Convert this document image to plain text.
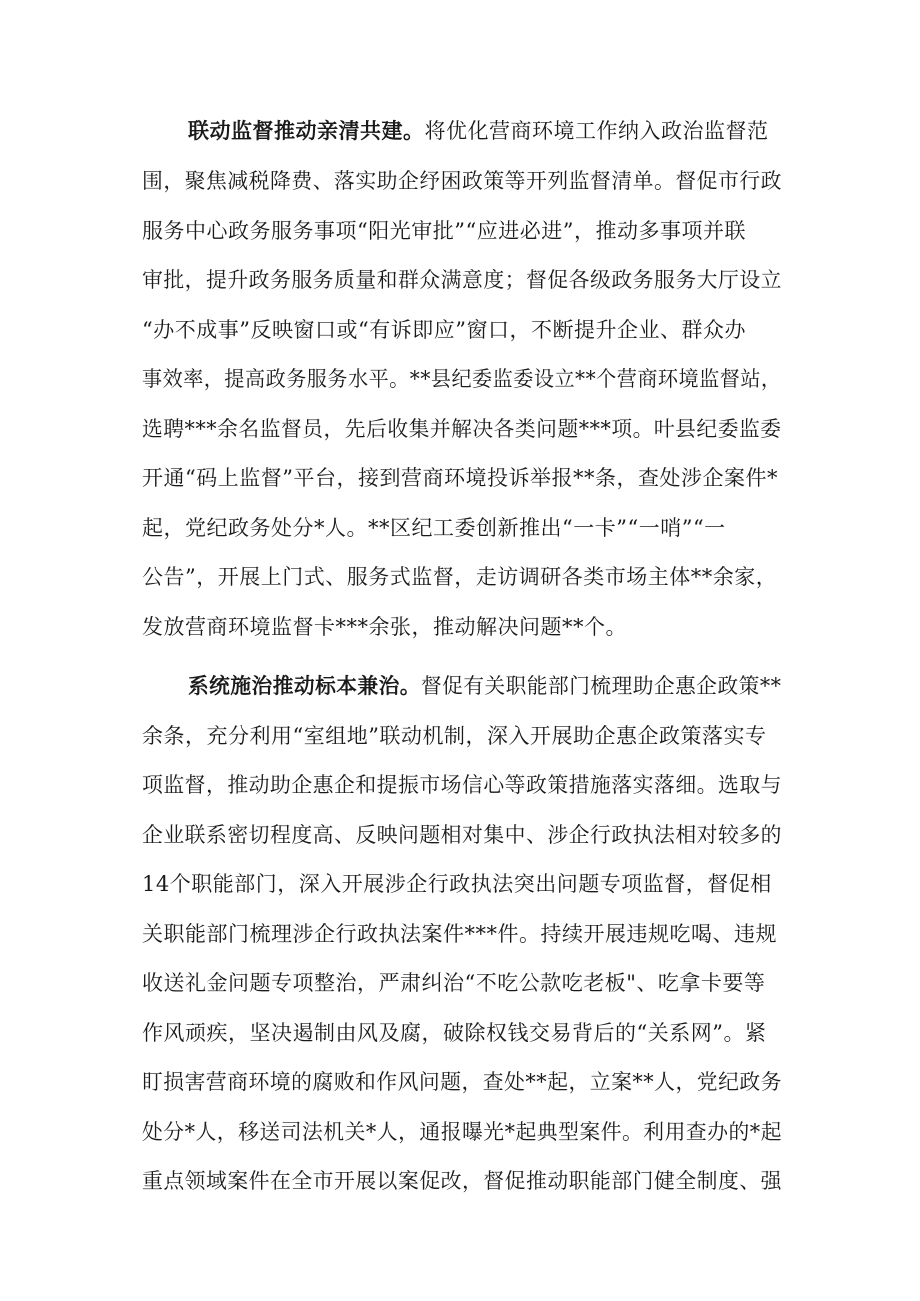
联动监督推动亲清共建。将优化营商环境工作纳入政治监督范
围，聚焦减税降费、落实助企纾困政策等开列监督清单。督促市行政
服务中心政务服务事项“阳光审批”“应进必进”，推动多事项并联
审批，提升政务服务质量和群众满意度；督促各级政务服务大厅设立
“办不成事”反映窗口或“有诉即应”窗口，不断提升企业、群众办
事效率，提高政务服务水平。**县纪委监委设立**个营商环境监督站，
选聘***余名监督员，先后收集并解决各类问题***项。叶县纪委监委
开通“码上监督”平台，接到营商环境投诉举报**条，查处涉企案件*
起，党纪政务处分*人。**区纪工委创新推出“一卡”“一哨”“一
公告”，开展上门式、服务式监督，走访调研各类市场主体**余家，
发放营商环境监督卡***余张，推动解决问题**个。
系统施治推动标本兼治。督促有关职能部门梳理助企惠企政策**
余条，充分利用“室组地”联动机制，深入开展助企惠企政策落实专
项监督，推动助企惠企和提振市场信心等政策措施落实落细。选取与
企业联系密切程度高、反映问题相对集中、涉企行政执法相对较多的
14个职能部门，深入开展涉企行政执法突出问题专项监督，督促相
关职能部门梳理涉企行政执法案件***件。持续开展违规吃喝、违规
收送礼金问题专项整治，严肃纠治“不吃公款吃老板"、吃拿卡要等
作风顽疾，坚决遏制由风及腐，破除权钱交易背后的“关系网”。紧
盯损害营商环境的腐败和作风问题，查处**起，立案**人，党纪政务
处分*人，移送司法机关*人，通报曝光*起典型案件。利用查办的*起
重点领域案件在全市开展以案促改，督促推动职能部门健全制度、强
